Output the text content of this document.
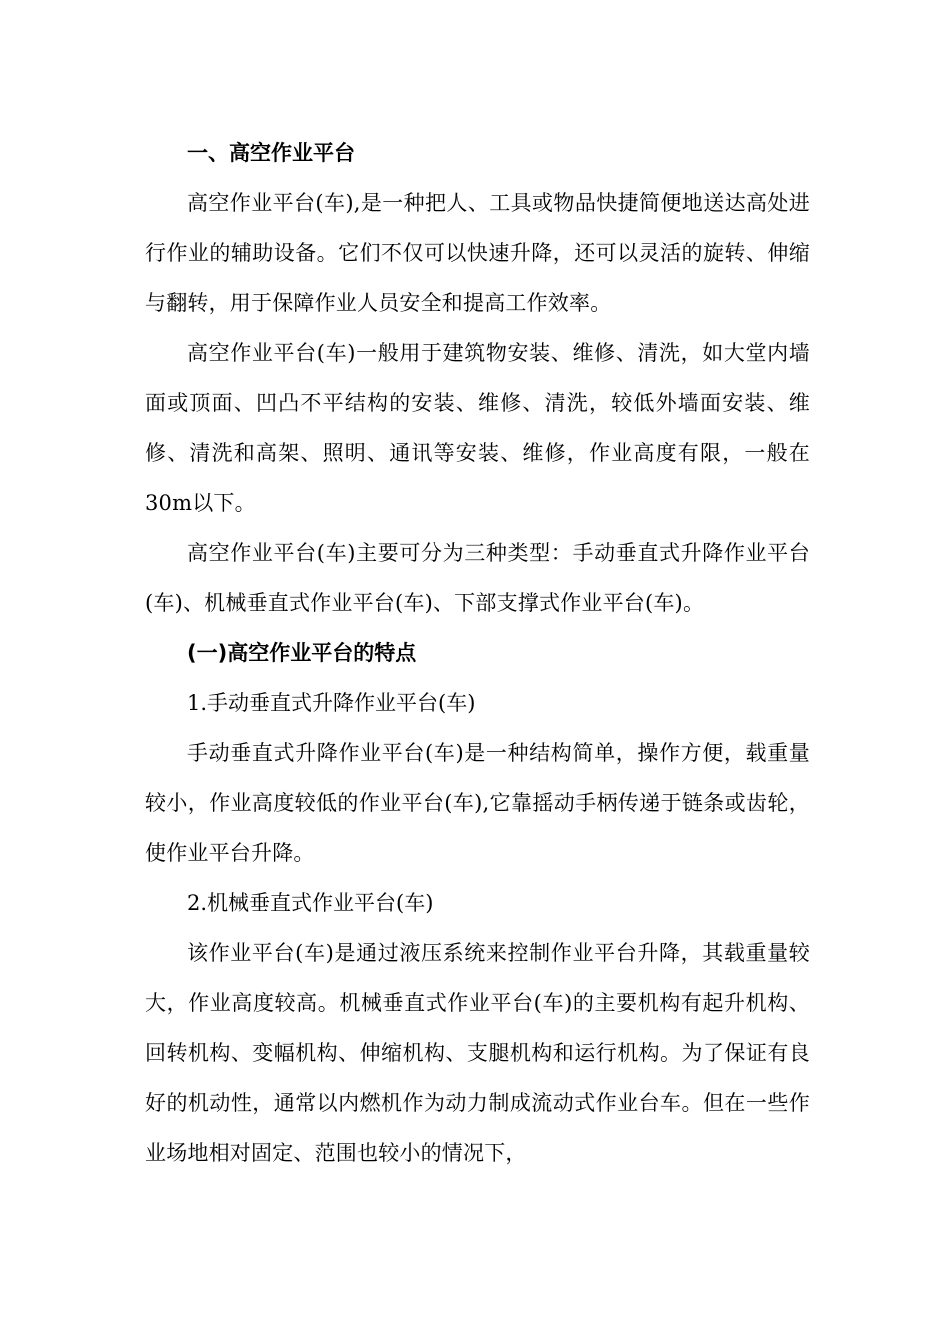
一、高空作业平台

高空作业平台(车),是一种把人、工具或物品快捷简便地送达高处进行作业的辅助设备。它们不仅可以快速升降，还可以灵活的旋转、伸缩与翻转，用于保障作业人员安全和提高工作效率。

高空作业平台(车)一般用于建筑物安装、维修、清洗，如大堂内墙面或顶面、凹凸不平结构的安装、维修、清洗，较低外墙面安装、维修、清洗和高架、照明、通讯等安装、维修，作业高度有限，一般在30m以下。

高空作业平台(车)主要可分为三种类型：手动垂直式升降作业平台(车)、机械垂直式作业平台(车)、下部支撑式作业平台(车)。

(一)高空作业平台的特点

1.手动垂直式升降作业平台(车)

手动垂直式升降作业平台(车)是一种结构简单，操作方便，载重量较小，作业高度较低的作业平台(车),它靠摇动手柄传递于链条或齿轮，使作业平台升降。

2.机械垂直式作业平台(车)

该作业平台(车)是通过液压系统来控制作业平台升降，其载重量较大，作业高度较高。机械垂直式作业平台(车)的主要机构有起升机构、回转机构、变幅机构、伸缩机构、支腿机构和运行机构。为了保证有良好的机动性，通常以内燃机作为动力制成流动式作业台车。但在一些作业场地相对固定、范围也较小的情况下，
